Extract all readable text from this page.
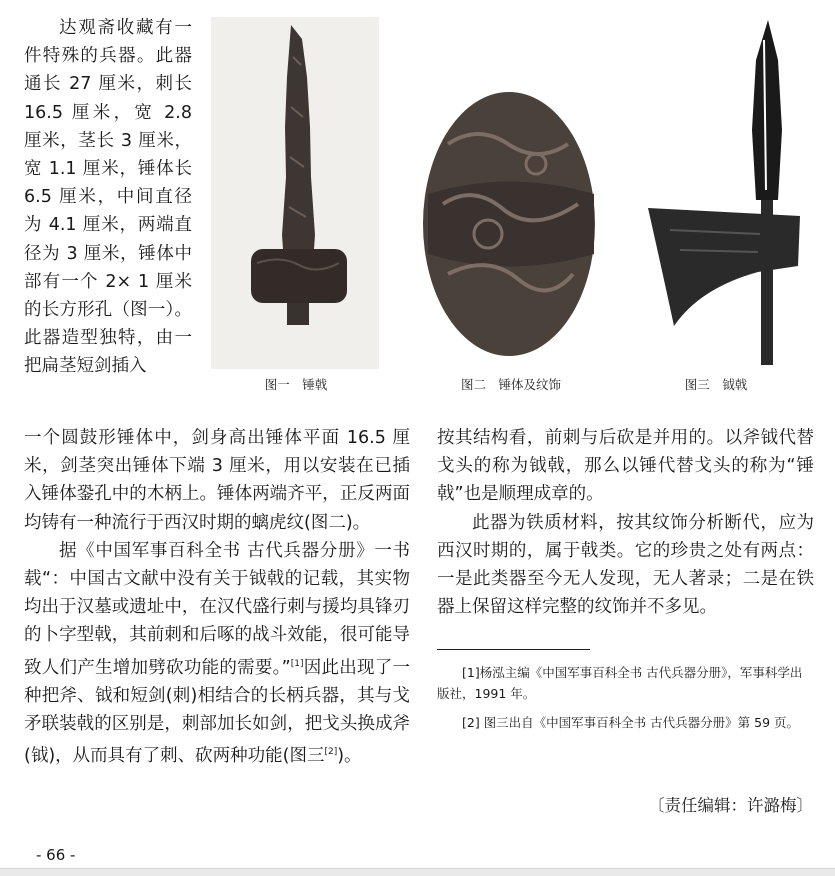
达观斋收藏有一件特殊的兵器。此器通长 27 厘米，刺长 16.5 厘米，宽 2.8 厘米，茎长 3 厘米，宽 1.1 厘米，锤体长 6.5 厘米，中间直径为 4.1 厘米，两端直径为 3 厘米，锤体中部有一个 2× 1 厘米的长方形孔（图一）。此器造型独特，由一把扁茎短剑插入

图一　锤戟	图二　锤体及纹饰	图三　钺戟

一个圆鼓形锤体中，剑身高出锤体平面 16.5 厘米，剑茎突出锤体下端 3 厘米，用以安装在已插入锤体銎孔中的木柄上。锤体两端齐平，正反两面均铸有一种流行于西汉时期的螭虎纹(图二)。

据《中国军事百科全书 古代兵器分册》一书载“：中国古文献中没有关于钺戟的记载，其实物均出于汉墓或遗址中，在汉代盛行刺与援均具锋刃的卜字型戟，其前刺和后啄的战斗效能，很可能导致人们产生增加劈砍功能的需要。”[1]因此出现了一种把斧、钺和短剑(刺)相结合的长柄兵器，其与戈矛联装戟的区别是，刺部加长如剑，把戈头换成斧(钺)，从而具有了刺、砍两种功能(图三[2])。

按其结构看，前刺与后砍是并用的。以斧钺代替戈头的称为钺戟，那么以锤代替戈头的称为“锤戟”也是顺理成章的。

此器为铁质材料，按其纹饰分析断代，应为西汉时期的，属于戟类。它的珍贵之处有两点：一是此类器至今无人发现，无人著录；二是在铁器上保留这样完整的纹饰并不多见。

[1]杨泓主编《中国军事百科全书 古代兵器分册》，军事科学出版社，1991 年。

[2] 图三出自《中国军事百科全书 古代兵器分册》第 59 页。

〔责任编辑：许潞梅〕
- 66 -
